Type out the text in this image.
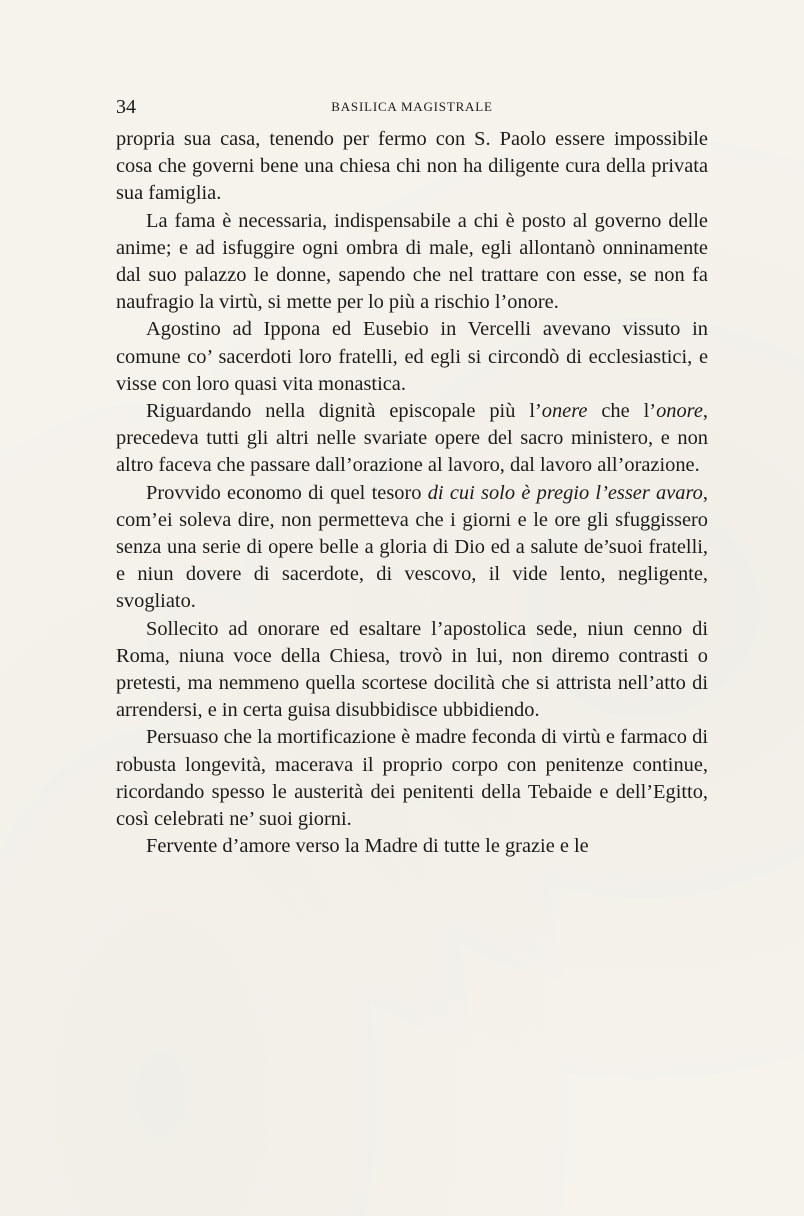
34	BASILICA MAGISTRALE

propria sua casa, tenendo per fermo con S. Paolo essere impossibile cosa che governi bene una chiesa chi non ha diligente cura della privata sua famiglia.

La fama è necessaria, indispensabile a chi è posto al governo delle anime; e ad isfuggire ogni ombra di male, egli allontanò onninamente dal suo palazzo le donne, sapendo che nel trattare con esse, se non fa naufragio la virtù, si mette per lo più a rischio l’onore.

Agostino ad Ippona ed Eusebio in Vercelli avevano vissuto in comune co’ sacerdoti loro fratelli, ed egli si circondò di ecclesiastici, e visse con loro quasi vita monastica.

Riguardando nella dignità episcopale più l’onere che l’onore, precedeva tutti gli altri nelle svariate opere del sacro ministero, e non altro faceva che passare dall’orazione al lavoro, dal lavoro all’orazione.

Provvido economo di quel tesoro di cui solo è pregio l’esser avaro, com’ei soleva dire, non permetteva che i giorni e le ore gli sfuggissero senza una serie di opere belle a gloria di Dio ed a salute de’suoi fratelli, e niun dovere di sacerdote, di vescovo, il vide lento, negligente, svogliato.

Sollecito ad onorare ed esaltare l’apostolica sede, niun cenno di Roma, niuna voce della Chiesa, trovò in lui, non diremo contrasti o pretesti, ma nemmeno quella scortese docilità che si attrista nell’atto di arrendersi, e in certa guisa disubbidisce ubbidiendo.

Persuaso che la mortificazione è madre feconda di virtù e farmaco di robusta longevità, macerava il proprio corpo con penitenze continue, ricordando spesso le austerità dei penitenti della Tebaide e dell’Egitto, così celebrati ne’ suoi giorni.

Fervente d’amore verso la Madre di tutte le grazie e le
